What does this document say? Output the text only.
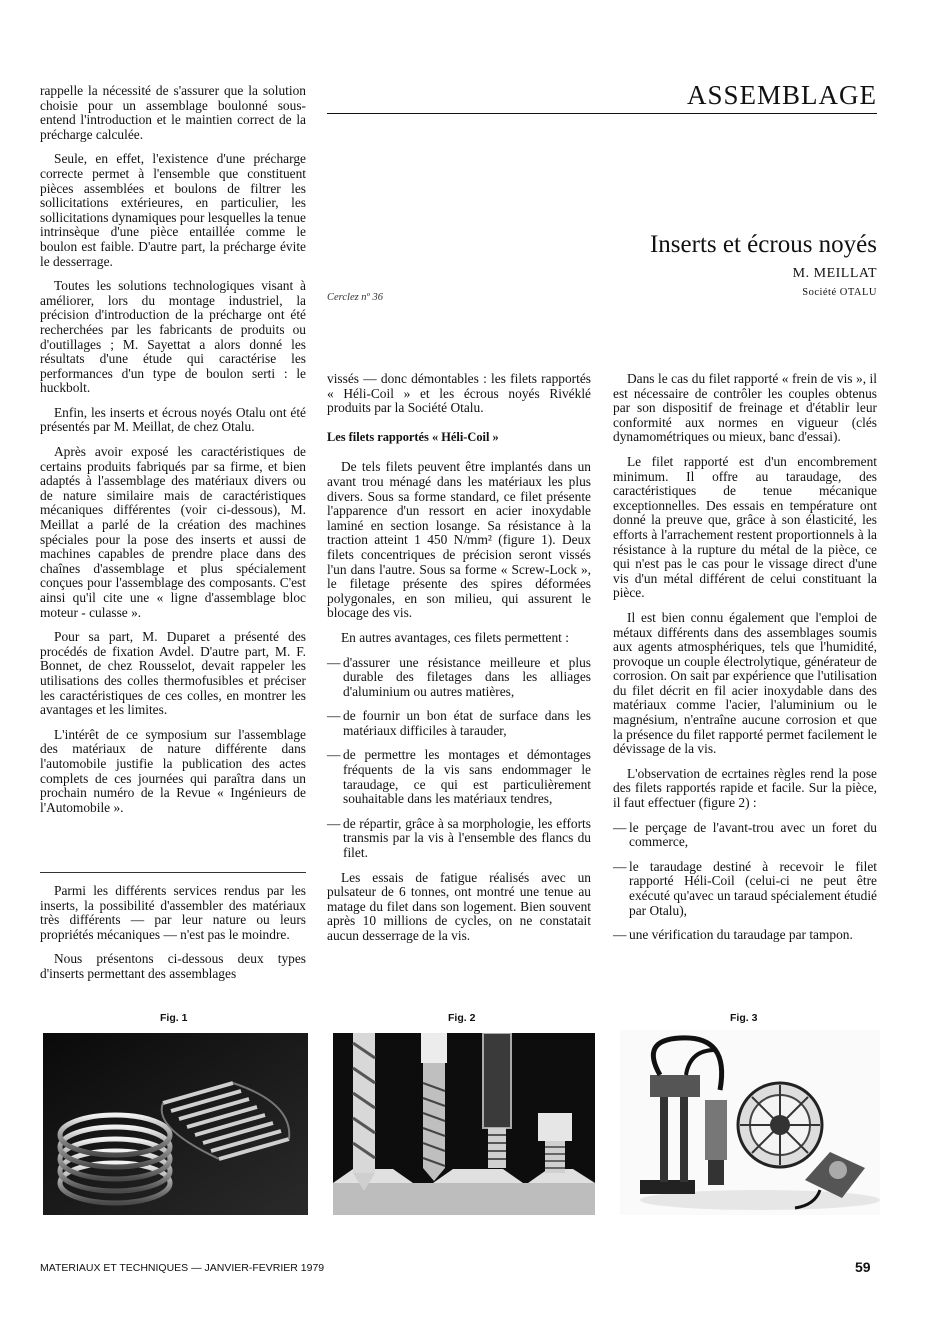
ASSEMBLAGE
Inserts et écrous noyés
M. MEILLAT
Société OTALU
Cerclez nº 36

rappelle la nécessité de s'assurer que la solution choisie pour un assemblage boulonné sous-entend l'introduction et le maintien correct de la précharge calculée.

Seule, en effet, l'existence d'une précharge correcte permet à l'ensemble que constituent pièces assemblées et boulons de filtrer les sollicitations extérieures, en particulier, les sollicitations dynamiques pour lesquelles la tenue intrinsèque d'une pièce entaillée comme le boulon est faible. D'autre part, la précharge évite le desserrage.

Toutes les solutions technologiques visant à améliorer, lors du montage industriel, la précision d'introduction de la précharge ont été recherchées par les fabricants de produits ou d'outillages ; M. Sayettat a alors donné les résultats d'une étude qui caractérise les performances d'un type de boulon serti : le huckbolt.

Enfin, les inserts et écrous noyés Otalu ont été présentés par M. Meillat, de chez Otalu.

Après avoir exposé les caractéristiques de certains produits fabriqués par sa firme, et bien adaptés à l'assemblage des matériaux divers ou de nature similaire mais de caractéristiques mécaniques différentes (voir ci-dessous), M. Meillat a parlé de la création des machines spéciales pour la pose des inserts et aussi de machines capables de prendre place dans des chaînes d'assemblage et plus spécialement conçues pour l'assemblage des composants. C'est ainsi qu'il cite une « ligne d'assemblage bloc moteur - culasse ».

Pour sa part, M. Duparet a présenté des procédés de fixation Avdel. D'autre part, M. F. Bonnet, de chez Rousselot, devait rappeler les utilisations des colles thermofusibles et préciser les caractéristiques de ces colles, en montrer les avantages et les limites.

L'intérêt de ce symposium sur l'assemblage des matériaux de nature différente dans l'automobile justifie la publication des actes complets de ces journées qui paraîtra dans un prochain numéro de la Revue « Ingénieurs de l'Automobile ».

Parmi les différents services rendus par les inserts, la possibilité d'assembler des matériaux très différents — par leur nature ou leurs propriétés mécaniques — n'est pas le moindre.

Nous présentons ci-dessous deux types d'inserts permettant des assemblages

vissés — donc démontables : les filets rapportés « Héli-Coil » et les écrous noyés Rivéklé produits par la Société Otalu.

Les filets rapportés « Héli-Coil »

De tels filets peuvent être implantés dans un avant trou ménagé dans les matériaux les plus divers. Sous sa forme standard, ce filet présente l'apparence d'un ressort en acier inoxydable laminé en section losange. Sa résistance à la traction atteint 1 450 N/mm² (figure 1). Deux filets concentriques de précision seront vissés l'un dans l'autre. Sous sa forme « Screw-Lock », le filetage présente des spires déformées polygonales, en son milieu, qui assurent le blocage des vis.

En autres avantages, ces filets permettent :

— d'assurer une résistance meilleure et plus durable des filetages dans les alliages d'aluminium ou autres matières,
— de fournir un bon état de surface dans les matériaux difficiles à tarauder,
— de permettre les montages et démontages fréquents de la vis sans endommager le taraudage, ce qui est particulièrement souhaitable dans les matériaux tendres,
— de répartir, grâce à sa morphologie, les efforts transmis par la vis à l'ensemble des flancs du filet.

Les essais de fatigue réalisés avec un pulsateur de 6 tonnes, ont montré une tenue au matage du filet dans son logement. Bien souvent après 10 millions de cycles, on ne constatait aucun desserrage de la vis.

Dans le cas du filet rapporté « frein de vis », il est nécessaire de contrôler les couples obtenus par son dispositif de freinage et d'établir leur conformité aux normes en vigueur (clés dynamométriques ou mieux, banc d'essai).

Le filet rapporté est d'un encombrement minimum. Il offre au taraudage, des caractéristiques de tenue mécanique exceptionnelles. Des essais en température ont donné la preuve que, grâce à son élasticité, les efforts à l'arrachement restent proportionnels à la résistance à la rupture du métal de la pièce, ce qui n'est pas le cas pour le vissage direct d'une vis d'un métal différent de celui constituant la pièce.

Il est bien connu également que l'emploi de métaux différents dans des assemblages soumis aux agents atmosphériques, tels que l'humidité, provoque un couple électrolytique, générateur de corrosion. On sait par expérience que l'utilisation du filet décrit en fil acier inoxydable dans des matériaux comme l'acier, l'aluminium ou le magnésium, n'entraîne aucune corrosion et que la présence du filet rapporté permet facilement le dévissage de la vis.

L'observation de ecrtaines règles rend la pose des filets rapportés rapide et facile. Sur la pièce, il faut effectuer (figure 2) :

— le perçage de l'avant-trou avec un foret du commerce,
— le taraudage destiné à recevoir le filet rapporté Héli-Coil (celui-ci ne peut être exécuté qu'avec un taraud spécialement étudié par Otalu),
— une vérification du taraudage par tampon.
Fig. 1	Fig. 2	Fig. 3
MATERIAUX ET TECHNIQUES — JANVIER-FEVRIER 1979	59
